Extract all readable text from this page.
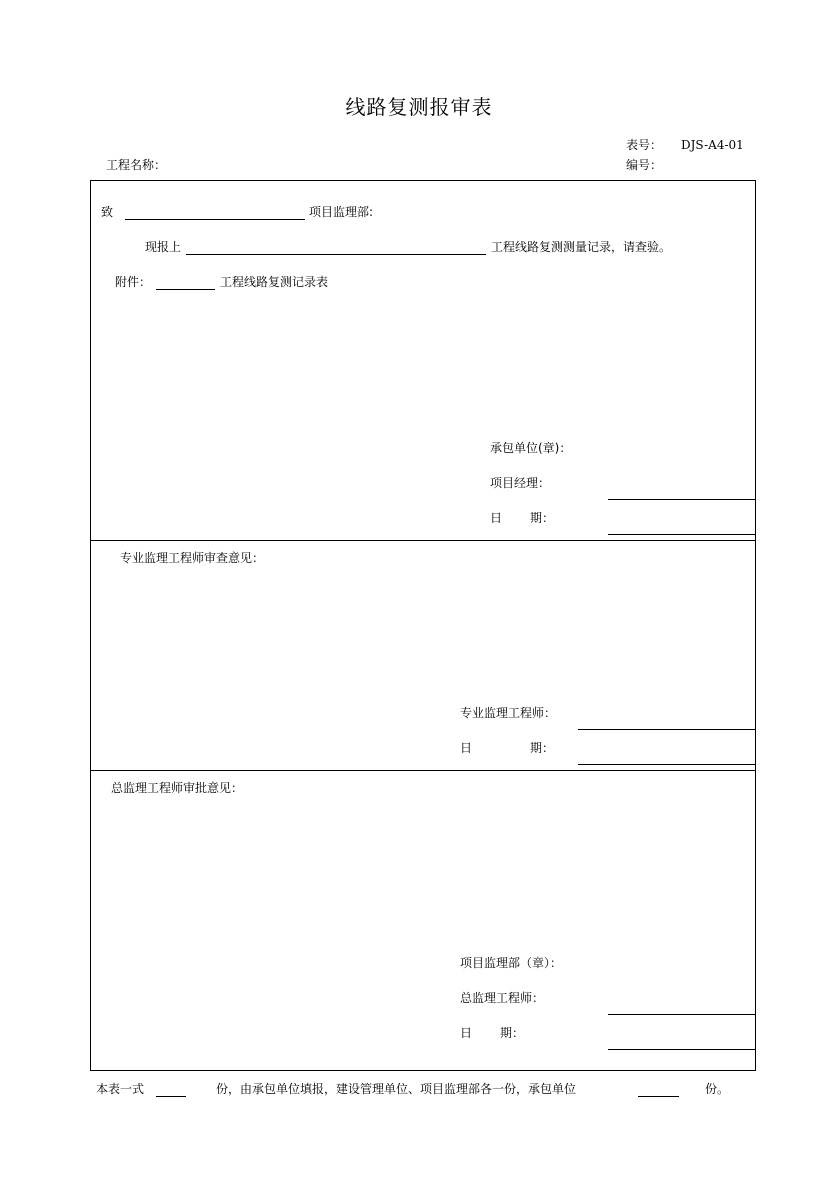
线路复测报审表
表号： DJS-A4-01
编号：
工程名称：
致	项目监理部:
现报上	工程线路复测测量记录，请查验。
附件：	工程线路复测记录表
承包单位(章)：
项目经理：
日 期：
专业监理工程师审查意见：
专业监理工程师：
日	期：
总监理工程师审批意见：
项目监理部（章）：
总监理工程师：
日 期：
本表一式	份，由承包单位填报，建设管理单位、项目监理部各一份，承包单位	份。
